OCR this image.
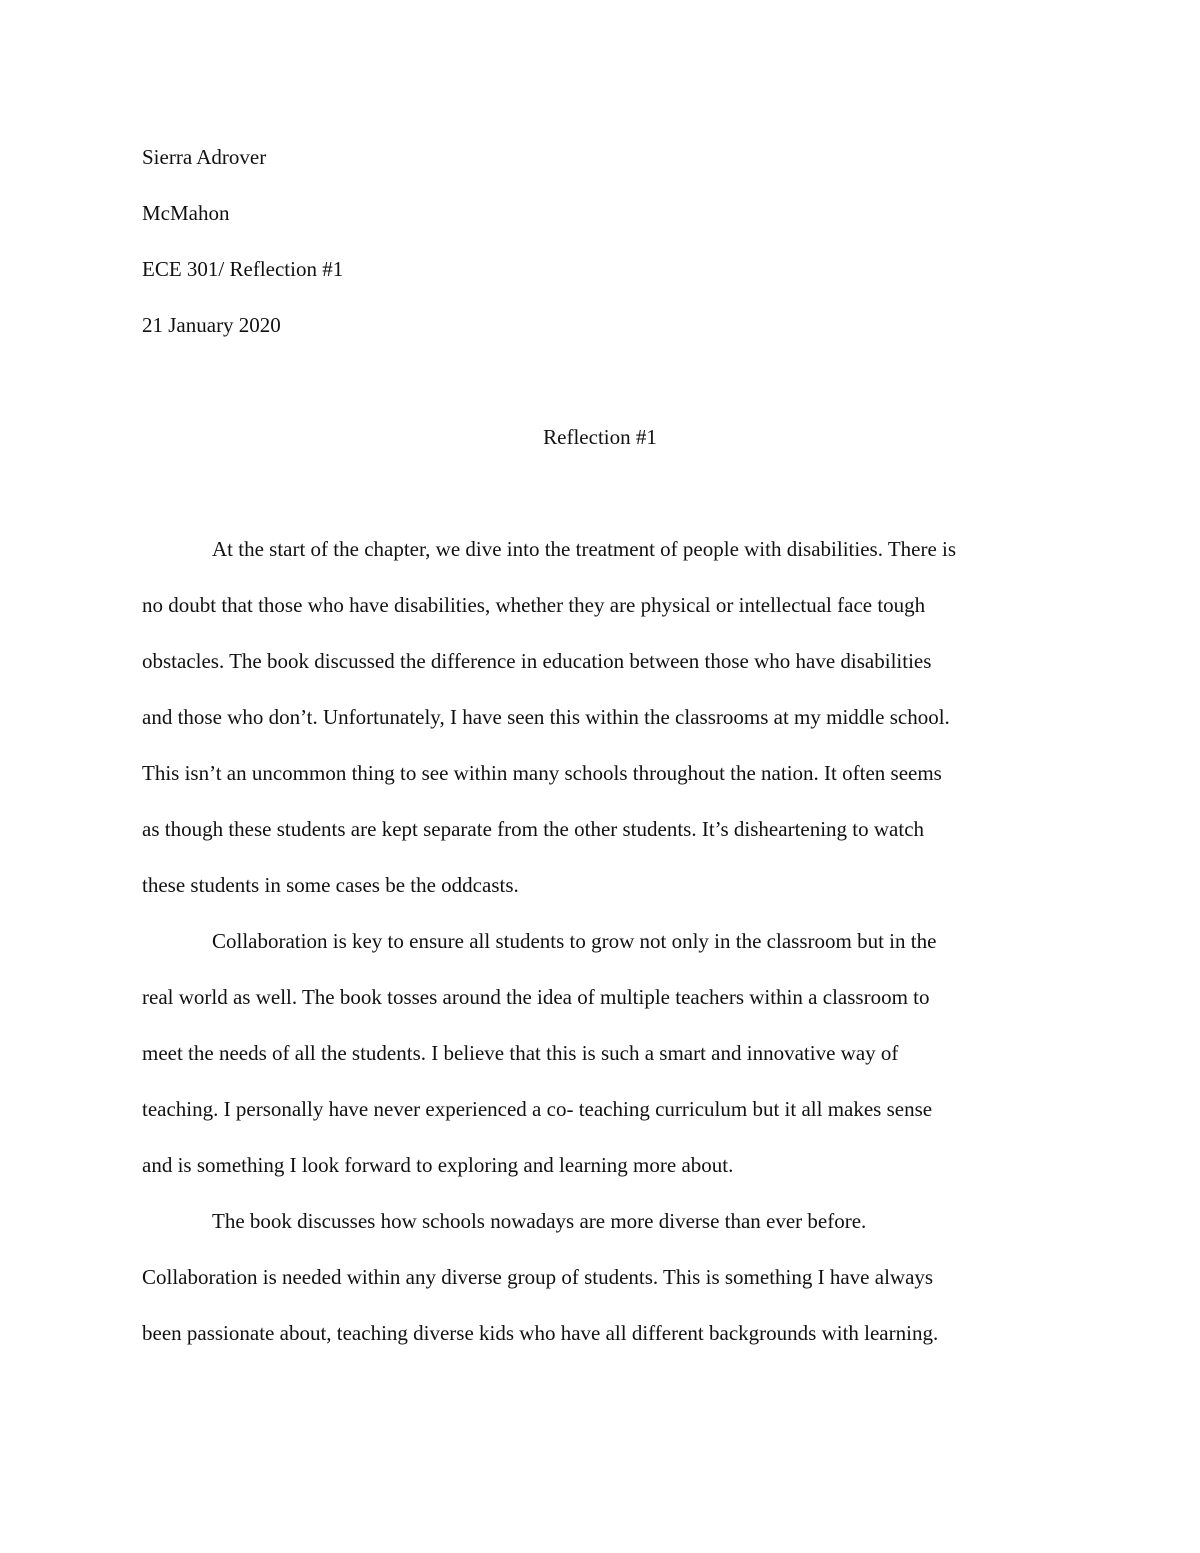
Sierra Adrover
McMahon
ECE 301/ Reflection #1
21 January 2020
Reflection #1
At the start of the chapter, we dive into the treatment of people with disabilities. There is
no doubt that those who have disabilities, whether they are physical or intellectual face tough
obstacles. The book discussed the difference in education between those who have disabilities
and those who don’t. Unfortunately, I have seen this within the classrooms at my middle school.
This isn’t an uncommon thing to see within many schools throughout the nation. It often seems
as though these students are kept separate from the other students. It’s disheartening to watch
these students in some cases be the oddcasts.
Collaboration is key to ensure all students to grow not only in the classroom but in the
real world as well. The book tosses around the idea of multiple teachers within a classroom to
meet the needs of all the students. I believe that this is such a smart and innovative way of
teaching. I personally have never experienced a co- teaching curriculum but it all makes sense
and is something I look forward to exploring and learning more about.
The book discusses how schools nowadays are more diverse than ever before.
Collaboration is needed within any diverse group of students. This is something I have always
been passionate about, teaching diverse kids who have all different backgrounds with learning.
